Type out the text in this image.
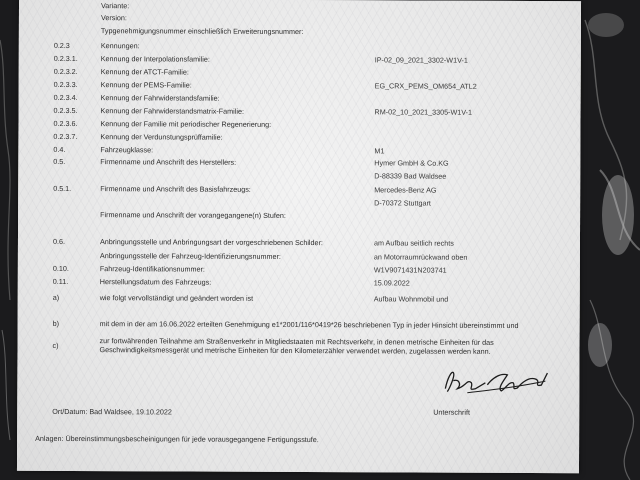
Variante:
Version:
Typgenehmigungsnummer einschließlich Erweiterungsnummer:
0.2.3	Kennungen:
0.2.3.1.	Kennung der Interpolationsfamilie:	IP-02_09_2021_3302-W1V-1
0.2.3.2.	Kennung der ATCT-Familie:
0.2.3.3.	Kennung der PEMS-Familie:	EG_CRX_PEMS_OM654_ATL2
0.2.3.4.	Kennung der Fahrwiderstandsfamilie:
0.2.3.5.	Kennung der Fahrwiderstandsmatrix-Familie:	RM-02_10_2021_3305-W1V-1
0.2.3.6.	Kennung der Familie mit periodischer Regenerierung:
0.2.3.7.	Kennung der Verdunstungsprüffamilie:
0.4.	Fahrzeugklasse:	M1
0.5.	Firmenname und Anschrift des Herstellers:	Hymer GmbH & Co.KG
D-88339 Bad Waldsee
0.5.1.	Firmenname und Anschrift des Basisfahrzeugs:	Mercedes-Benz AG
D-70372 Stuttgart
Firmenname und Anschrift der vorangegangene(n) Stufen:
0.6.	Anbringungsstelle und Anbringungsart der vorgeschriebenen Schilder:	am Aufbau seitlich rechts
Anbringungsstelle der Fahrzeug-Identifizierungsnummer:	an Motorraumrückwand oben
0.10.	Fahrzeug-Identifikationsnummer:	W1V9071431N203741
0.11.	Herstellungsdatum des Fahrzeugs:	15.09.2022
a)	wie folgt vervollständigt und geändert worden ist	Aufbau Wohnmobil und
b)	mit dem in der am 16.06.2022 erteilten Genehmigung e1*2001/116*0419*26 beschriebenen Typ in jeder Hinsicht übereinstimmt und
c)	zur fortwährenden Teilnahme am Straßenverkehr in Mitgliedstaaten mit Rechtsverkehr, in denen metrische Einheiten für das
Geschwindigkeitsmessgerät und metrische Einheiten für den Kilometerzähler verwendet werden, zugelassen werden kann.
Unterschrift
Ort/Datum: Bad Waldsee, 19.10.2022
Anlagen: Übereinstimmungsbescheinigungen für jede vorausgegangene Fertigungsstufe.
